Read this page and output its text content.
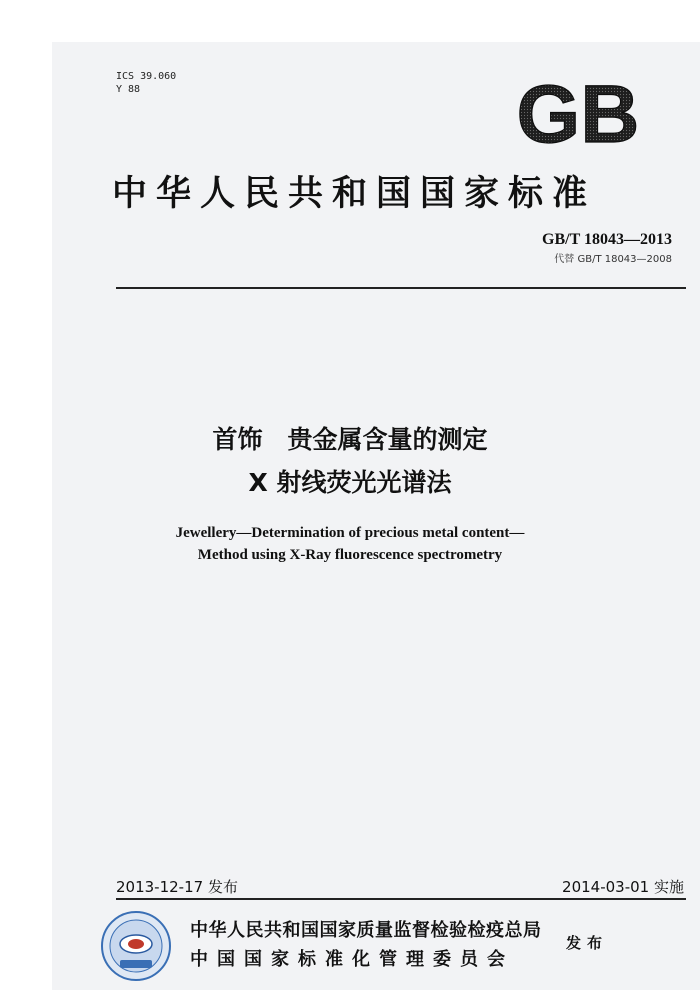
ICS 39.060
Y 88	GB
中华人民共和国国家标准
GB/T 18043—2013
代替 GB/T 18043—2008
首饰　贵金属含量的测定
X 射线荧光光谱法
Jewellery—Determination of precious metal content—
Method using X-Ray fluorescence spectrometry
2013-12-17 发布	2014-03-01 实施
中华人民共和国国家质量监督检验检疫总局
中国国家标准化管理委员会
发布
